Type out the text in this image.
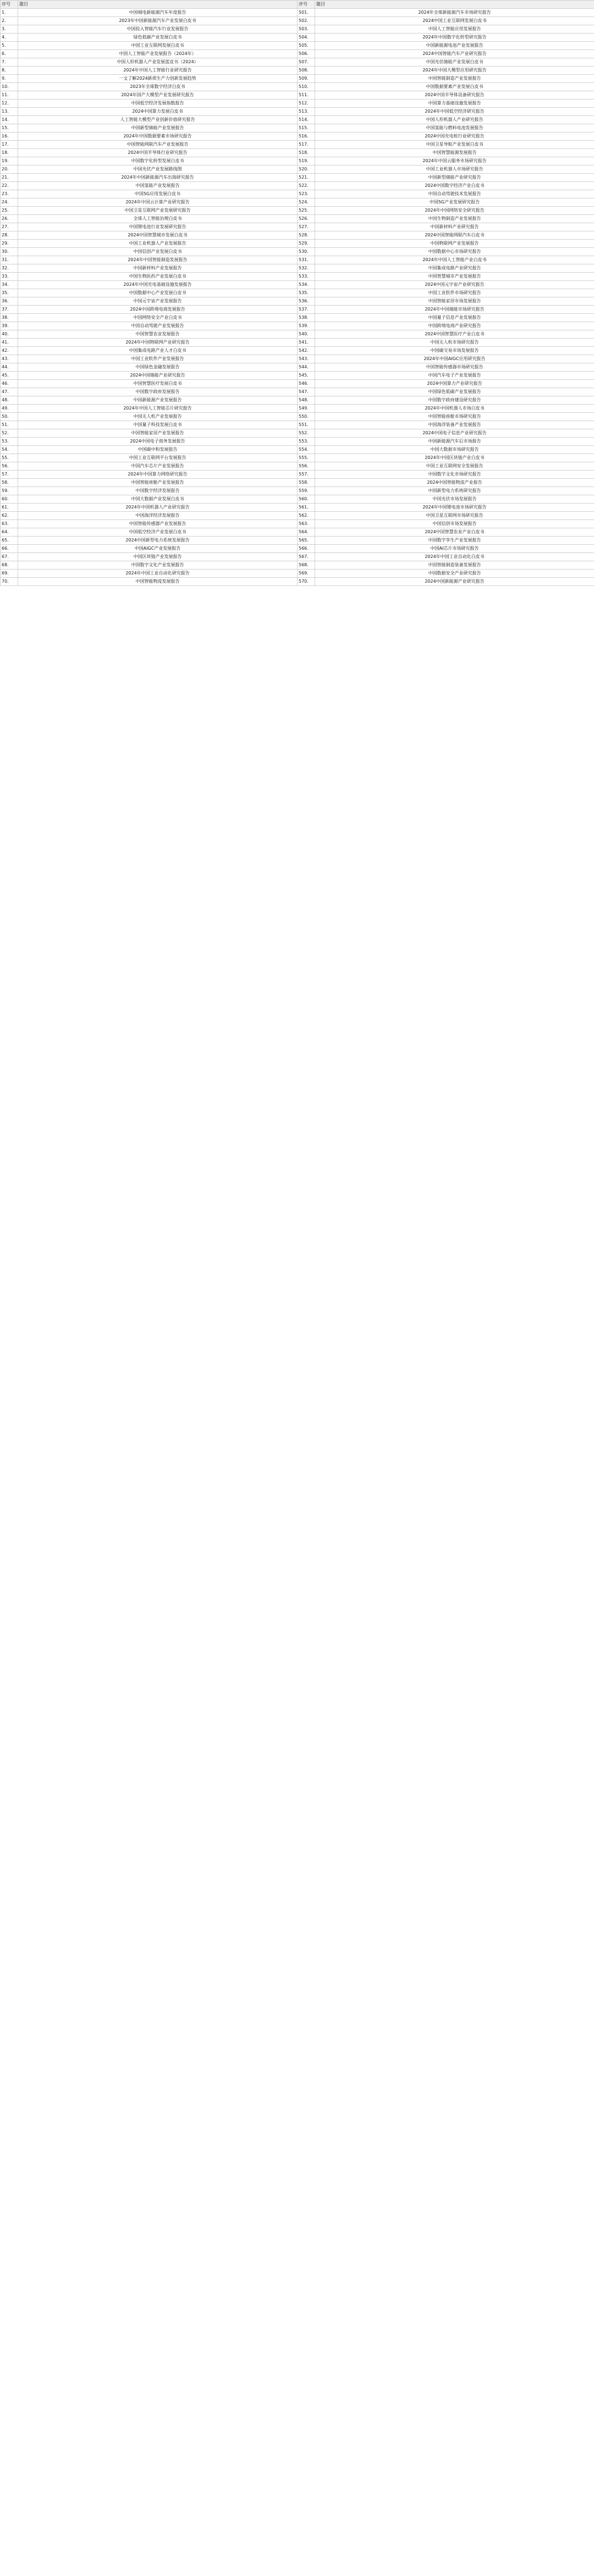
序号	题目	序号	题目
1.	中国城电新能源汽车年度报告	501.	2024年全球新能源汽车市场研究报告
2.	2023年中国新能源汽车产业发展白皮书	502.	2024中国工业互联网发展白皮书
3.	中国投入智能汽车行业发展报告	503.	中国人工智能应用发展报告
4.	绿色低碳产业发展白皮书	504.	2024年中国数字化转型研究报告
5.	中国工业互联网发展白皮书	505.	中国新能源电池产业发展报告
6.	中国人工智能产业发展报告（2024年）	506.	2024中国智能汽车产业研究报告
7.	中国人形机器人产业发展蓝皮书（2024）	507.	中国光伏储能产业发展白皮书
8.	2024年中国人工智能行业研究报告	508.	2024年中国大模型应用研究报告
9.	一文了解2024新质生产力创新发展趋势	509.	中国智能制造产业发展报告
10.	2023年全球数字经济白皮书	510.	中国数据要素产业发展白皮书
11.	2024年国产大模型产业发展研究报告	511.	2024中国半导体设备研究报告
12.	中国低空经济发展指数报告	512.	中国算力基础设施发展报告
13.	2024中国算力发展白皮书	513.	2024年中国低空经济研究报告
14.	人工智能大模型产业创新价值研究报告	514.	中国人形机器人产业研究报告
15.	中国新型储能产业发展报告	515.	中国氢能与燃料电池发展报告
16.	2024年中国数据要素市场研究报告	516.	2024中国充电桩行业研究报告
17.	中国智能网联汽车产业发展报告	517.	中国卫星导航产业发展白皮书
18.	2024中国半导体行业研究报告	518.	中国智慧能源发展报告
19.	中国数字化转型发展白皮书	519.	2024年中国云服务市场研究报告
20.	中国光伏产业发展路线图	520.	中国工业机器人市场研究报告
21.	2024年中国新能源汽车出海研究报告	521.	中国新型储能产业研究报告
22.	中国氢能产业发展报告	522.	2024中国数字经济产业白皮书
23.	中国5G应用发展白皮书	523.	中国自动驾驶技术发展报告
24.	2024年中国云计算产业研究报告	524.	中国5G产业发展研究报告
25.	中国卫星互联网产业发展研究报告	525.	2024年中国网络安全研究报告
26.	全球人工智能治理白皮书	526.	中国生物制造产业发展报告
27.	中国锂电池行业发展研究报告	527.	中国新材料产业研究报告
28.	2024中国智慧城市发展白皮书	528.	2024中国智能网联汽车白皮书
29.	中国工业机器人产业发展报告	529.	中国物联网产业发展报告
30.	中国信创产业发展白皮书	530.	中国数据中心市场研究报告
31.	2024年中国智能制造发展报告	531.	2024年中国人工智能产业白皮书
32.	中国新材料产业发展报告	532.	中国集成电路产业研究报告
33.	中国生物医药产业发展白皮书	533.	中国智慧城市产业发展报告
34.	2024年中国充电基础设施发展报告	534.	2024中国元宇宙产业研究报告
35.	中国数据中心产业发展白皮书	535.	中国工业软件市场研究报告
36.	中国元宇宙产业发展报告	536.	中国智能家居市场发展报告
37.	2024中国跨境电商发展报告	537.	2024年中国储能市场研究报告
38.	中国网络安全产业白皮书	538.	中国量子信息产业发展报告
39.	中国自动驾驶产业发展报告	539.	中国跨境电商产业研究报告
40.	中国智慧农业发展报告	540.	2024中国智慧医疗产业白皮书
41.	2024年中国物联网产业研究报告	541.	中国无人机市场研究报告
42.	中国集成电路产业人才白皮书	542.	中国碳交易市场发展报告
43.	中国工业软件产业发展报告	543.	2024年中国AIGC应用研究报告
44.	中国绿色金融发展报告	544.	中国智能传感器市场研究报告
45.	2024中国储能产业研究报告	545.	中国汽车电子产业发展报告
46.	中国智慧医疗发展白皮书	546.	2024中国算力产业研究报告
47.	中国数字政府发展报告	547.	中国绿色低碳产业发展报告
48.	中国新能源产业发展报告	548.	中国数字政府建设研究报告
49.	2024年中国人工智能芯片研究报告	549.	2024年中国机器人市场白皮书
50.	中国无人机产业发展报告	550.	中国智能座舱市场研究报告
51.	中国量子科技发展白皮书	551.	中国海洋装备产业发展报告
52.	中国智能家居产业发展报告	552.	2024中国电子信息产业研究报告
53.	2024中国电子商务发展报告	553.	中国新能源汽车后市场报告
54.	中国碳中和发展报告	554.	中国大数据市场研究报告
55.	中国工业互联网平台发展报告	555.	2024年中国区块链产业白皮书
56.	中国汽车芯片产业发展报告	556.	中国工业互联网安全发展报告
57.	2024年中国算力网络研究报告	557.	中国数字文化市场研究报告
58.	中国智能座舱产业发展报告	558.	2024中国智能物流产业报告
59.	中国数字经济发展报告	559.	中国新型电力系统研究报告
60.	中国大数据产业发展白皮书	560.	中国光伏市场发展报告
61.	2024年中国机器人产业研究报告	561.	2024年中国锂电池市场研究报告
62.	中国海洋经济发展报告	562.	中国卫星互联网市场研究报告
63.	中国智能传感器产业发展报告	563.	中国信创市场发展报告
64.	中国低空经济产业发展白皮书	564.	2024中国智慧农业产业白皮书
65.	2024中国新型电力系统发展报告	565.	中国数字孪生产业发展报告
66.	中国AIGC产业发展报告	566.	中国AI芯片市场研究报告
67.	中国区块链产业发展报告	567.	2024年中国工业自动化白皮书
68.	中国数字文化产业发展报告	568.	中国智能制造装备发展报告
69.	2024年中国工业自动化研究报告	569.	中国数据安全产业研究报告
70.	中国智能物流发展报告	570.	2024中国新能源产业研究报告
